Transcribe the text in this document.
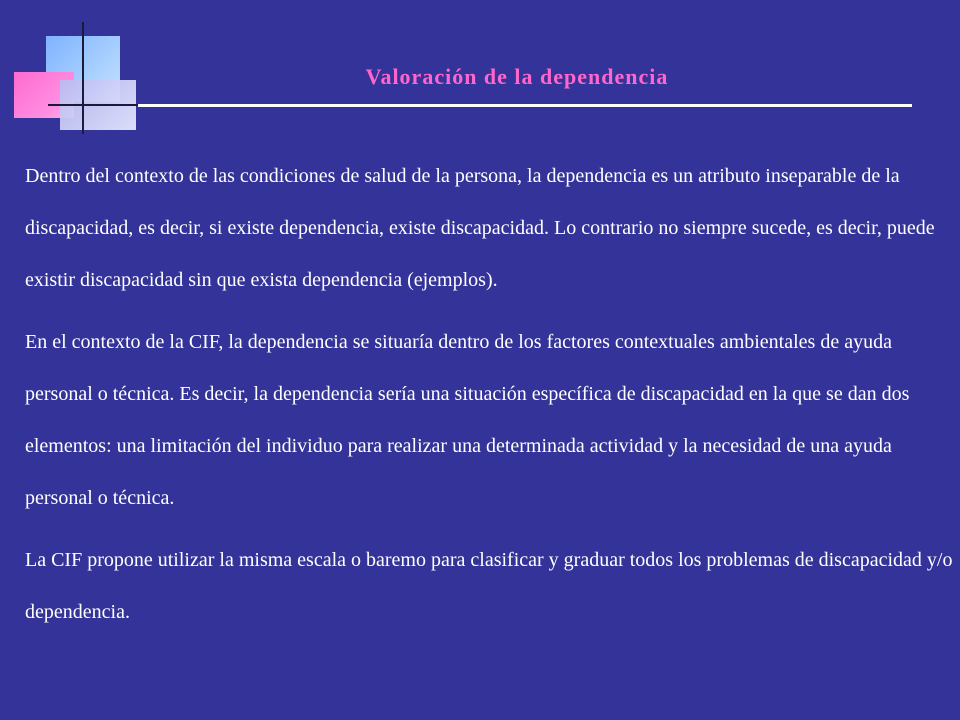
Valoración de la dependencia

Dentro del contexto de las condiciones de salud de la persona, la dependencia es un atributo inseparable de la discapacidad, es decir, si existe dependencia, existe discapacidad. Lo contrario no siempre sucede, es decir, puede existir discapacidad sin que exista dependencia (ejemplos).

En el contexto de la CIF, la dependencia se situaría dentro de los factores contextuales ambientales de ayuda personal o técnica. Es decir, la dependencia sería una situación específica de discapacidad en la que se dan dos elementos: una limitación del individuo para realizar una determinada actividad y la necesidad de una ayuda personal o técnica.

La CIF propone utilizar la misma escala o baremo para clasificar y graduar todos los problemas de discapacidad y/o dependencia.
